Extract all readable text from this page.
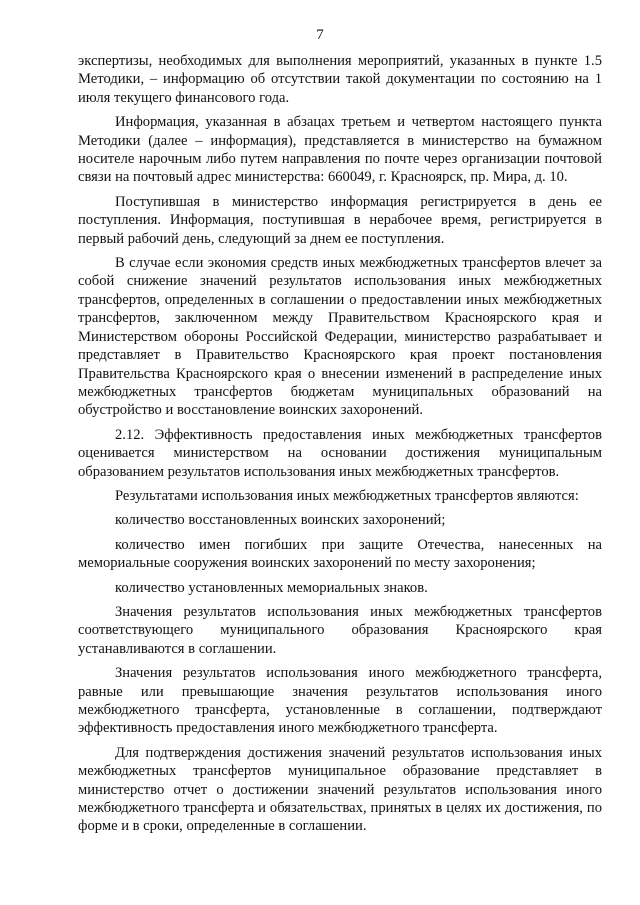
7

экспертизы, необходимых для выполнения мероприятий, указанных в пункте 1.5 Методики, – информацию об отсутствии такой документации по состоянию на 1 июля текущего финансового года.

Информация, указанная в абзацах третьем и четвертом настоящего пункта Методики (далее – информация), представляется в министерство на бумажном носителе нарочным либо путем направления по почте через организации почтовой связи на почтовый адрес министерства: 660049, г. Красноярск, пр. Мира, д. 10.

Поступившая в министерство информация регистрируется в день ее поступления. Информация, поступившая в нерабочее время, регистрируется в первый рабочий день, следующий за днем ее поступления.

В случае если экономия средств иных межбюджетных трансфертов влечет за собой снижение значений результатов использования иных межбюджетных трансфертов, определенных в соглашении о предоставлении иных межбюджетных трансфертов, заключенном между Правительством Красноярского края и Министерством обороны Российской Федерации, министерство разрабатывает и представляет в Правительство Красноярского края проект постановления Правительства Красноярского края о внесении изменений в распределение иных межбюджетных трансфертов бюджетам муниципальных образований на обустройство и восстановление воинских захоронений.

2.12. Эффективность предоставления иных межбюджетных трансфертов оценивается министерством на основании достижения муниципальным образованием результатов использования иных межбюджетных трансфертов.

Результатами использования иных межбюджетных трансфертов являются:

количество восстановленных воинских захоронений;

количество имен погибших при защите Отечества, нанесенных на мемориальные сооружения воинских захоронений по месту захоронения;

количество установленных мемориальных знаков.

Значения результатов использования иных межбюджетных трансфертов соответствующего муниципального образования Красноярского края устанавливаются в соглашении.

Значения результатов использования иного межбюджетного трансферта, равные или превышающие значения результатов использования иного межбюджетного трансферта, установленные в соглашении, подтверждают эффективность предоставления иного межбюджетного трансферта.

Для подтверждения достижения значений результатов использования иных межбюджетных трансфертов муниципальное образование представляет в министерство отчет о достижении значений результатов использования иного межбюджетного трансферта и обязательствах, принятых в целях их достижения, по форме и в сроки, определенные в соглашении.
